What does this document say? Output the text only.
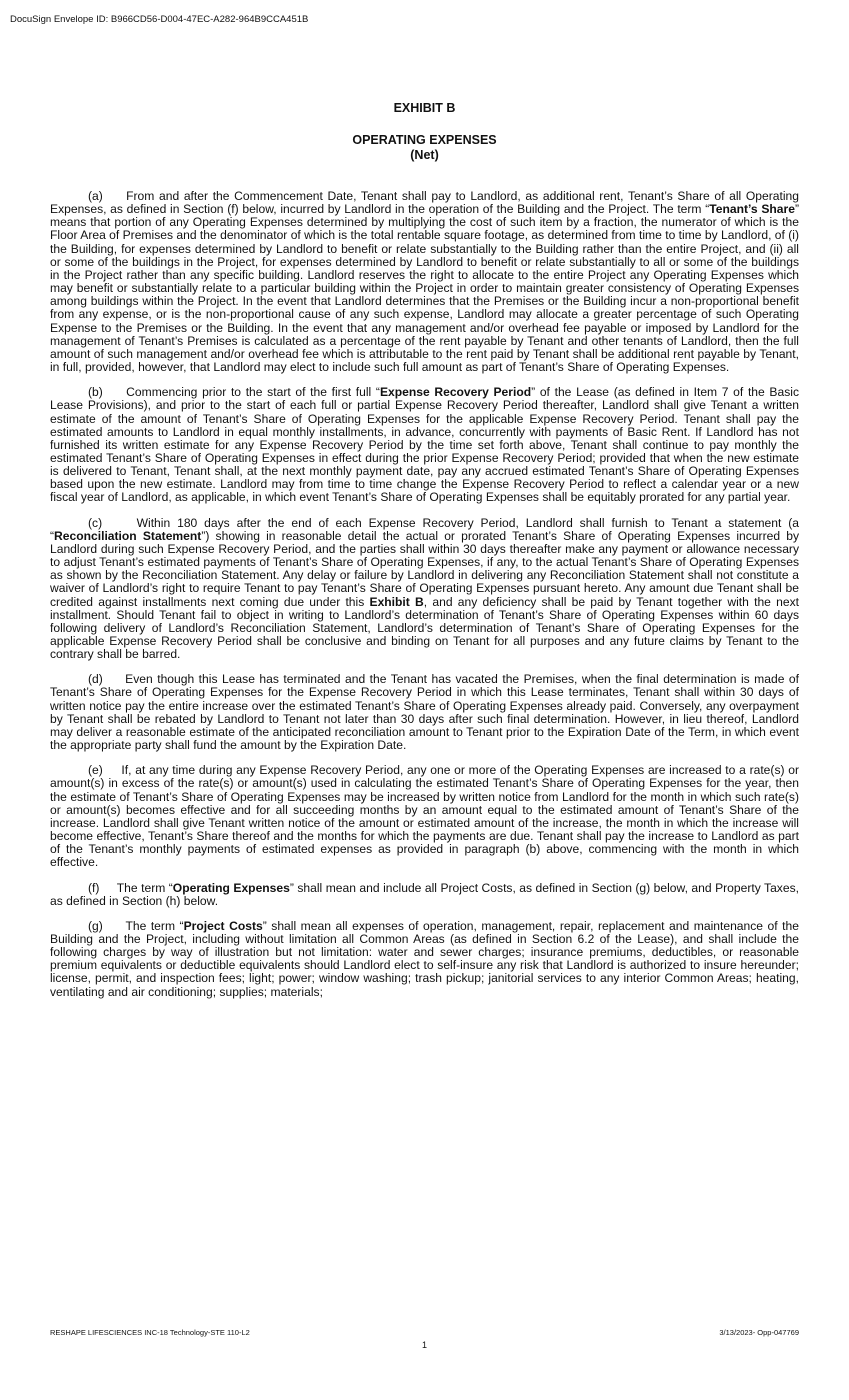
DocuSign Envelope ID: B966CD56-D004-47EC-A282-964B9CCA451B
EXHIBIT B
OPERATING EXPENSES
(Net)

(a) From and after the Commencement Date, Tenant shall pay to Landlord, as additional rent, Tenant’s Share of all Operating Expenses, as defined in Section (f) below, incurred by Landlord in the operation of the Building and the Project. The term “Tenant’s Share” means that portion of any Operating Expenses determined by multiplying the cost of such item by a fraction, the numerator of which is the Floor Area of Premises and the denominator of which is the total rentable square footage, as determined from time to time by Landlord, of (i) the Building, for expenses determined by Landlord to benefit or relate substantially to the Building rather than the entire Project, and (ii) all or some of the buildings in the Project, for expenses determined by Landlord to benefit or relate substantially to all or some of the buildings in the Project rather than any specific building. Landlord reserves the right to allocate to the entire Project any Operating Expenses which may benefit or substantially relate to a particular building within the Project in order to maintain greater consistency of Operating Expenses among buildings within the Project. In the event that Landlord determines that the Premises or the Building incur a non-proportional benefit from any expense, or is the non-proportional cause of any such expense, Landlord may allocate a greater percentage of such Operating Expense to the Premises or the Building. In the event that any management and/or overhead fee payable or imposed by Landlord for the management of Tenant’s Premises is calculated as a percentage of the rent payable by Tenant and other tenants of Landlord, then the full amount of such management and/or overhead fee which is attributable to the rent paid by Tenant shall be additional rent payable by Tenant, in full, provided, however, that Landlord may elect to include such full amount as part of Tenant’s Share of Operating Expenses.

(b) Commencing prior to the start of the first full “Expense Recovery Period” of the Lease (as defined in Item 7 of the Basic Lease Provisions), and prior to the start of each full or partial Expense Recovery Period thereafter, Landlord shall give Tenant a written estimate of the amount of Tenant’s Share of Operating Expenses for the applicable Expense Recovery Period. Tenant shall pay the estimated amounts to Landlord in equal monthly installments, in advance, concurrently with payments of Basic Rent. If Landlord has not furnished its written estimate for any Expense Recovery Period by the time set forth above, Tenant shall continue to pay monthly the estimated Tenant’s Share of Operating Expenses in effect during the prior Expense Recovery Period; provided that when the new estimate is delivered to Tenant, Tenant shall, at the next monthly payment date, pay any accrued estimated Tenant’s Share of Operating Expenses based upon the new estimate. Landlord may from time to time change the Expense Recovery Period to reflect a calendar year or a new fiscal year of Landlord, as applicable, in which event Tenant’s Share of Operating Expenses shall be equitably prorated for any partial year.

(c)	Within 180 days after the end of each Expense Recovery Period, Landlord shall furnish to Tenant a statement (a “Reconciliation Statement”) showing in reasonable detail the actual or prorated Tenant’s Share of Operating Expenses incurred by Landlord during such Expense Recovery Period, and the parties shall within 30 days thereafter make any payment or allowance necessary to adjust Tenant’s estimated payments of Tenant’s Share of Operating Expenses, if any, to the actual Tenant’s Share of Operating Expenses as shown by the Reconciliation Statement. Any delay or failure by Landlord in delivering any Reconciliation Statement shall not constitute a waiver of Landlord’s right to require Tenant to pay Tenant’s Share of Operating Expenses pursuant hereto. Any amount due Tenant shall be credited against installments next coming due under this Exhibit B, and any deficiency shall be paid by Tenant together with the next installment. Should Tenant fail to object in writing to Landlord’s determination of Tenant’s Share of Operating Expenses within 60 days following delivery of Landlord’s Reconciliation Statement, Landlord’s determination of Tenant’s Share of Operating Expenses for the applicable Expense Recovery Period shall be conclusive and binding on Tenant for all purposes and any future claims by Tenant to the contrary shall be barred.

(d) Even though this Lease has terminated and the Tenant has vacated the Premises, when the final determination is made of Tenant’s Share of Operating Expenses for the Expense Recovery Period in which this Lease terminates, Tenant shall within 30 days of written notice pay the entire increase over the estimated Tenant’s Share of Operating Expenses already paid. Conversely, any overpayment by Tenant shall be rebated by Landlord to Tenant not later than 30 days after such final determination. However, in lieu thereof, Landlord may deliver a reasonable estimate of the anticipated reconciliation amount to Tenant prior to the Expiration Date of the Term, in which event the appropriate party shall fund the amount by the Expiration Date.

(e) If, at any time during any Expense Recovery Period, any one or more of the Operating Expenses are increased to a rate(s) or amount(s) in excess of the rate(s) or amount(s) used in calculating the estimated Tenant’s Share of Operating Expenses for the year, then the estimate of Tenant’s Share of Operating Expenses may be increased by written notice from Landlord for the month in which such rate(s) or amount(s) becomes effective and for all succeeding months by an amount equal to the estimated amount of Tenant’s Share of the increase. Landlord shall give Tenant written notice of the amount or estimated amount of the increase, the month in which the increase will become effective, Tenant’s Share thereof and the months for which the payments are due. Tenant shall pay the increase to Landlord as part of the Tenant’s monthly payments of estimated expenses as provided in paragraph (b) above, commencing with the month in which effective.

(f) The term “Operating Expenses” shall mean and include all Project Costs, as defined in Section (g) below, and Property Taxes, as defined in Section (h) below.

(g) The term “Project Costs” shall mean all expenses of operation, management, repair, replacement and maintenance of the Building and the Project, including without limitation all Common Areas (as defined in Section 6.2 of the Lease), and shall include the following charges by way of illustration but not limitation: water and sewer charges; insurance premiums, deductibles, or reasonable premium equivalents or deductible equivalents should Landlord elect to self-insure any risk that Landlord is authorized to insure hereunder; license, permit, and inspection fees; light; power; window washing; trash pickup; janitorial services to any interior Common Areas; heating, ventilating and air conditioning; supplies; materials;

RESHAPE LIFESCIENCES INC-18 Technology-STE 110-L2	3/13/2023- Opp-047769
1
